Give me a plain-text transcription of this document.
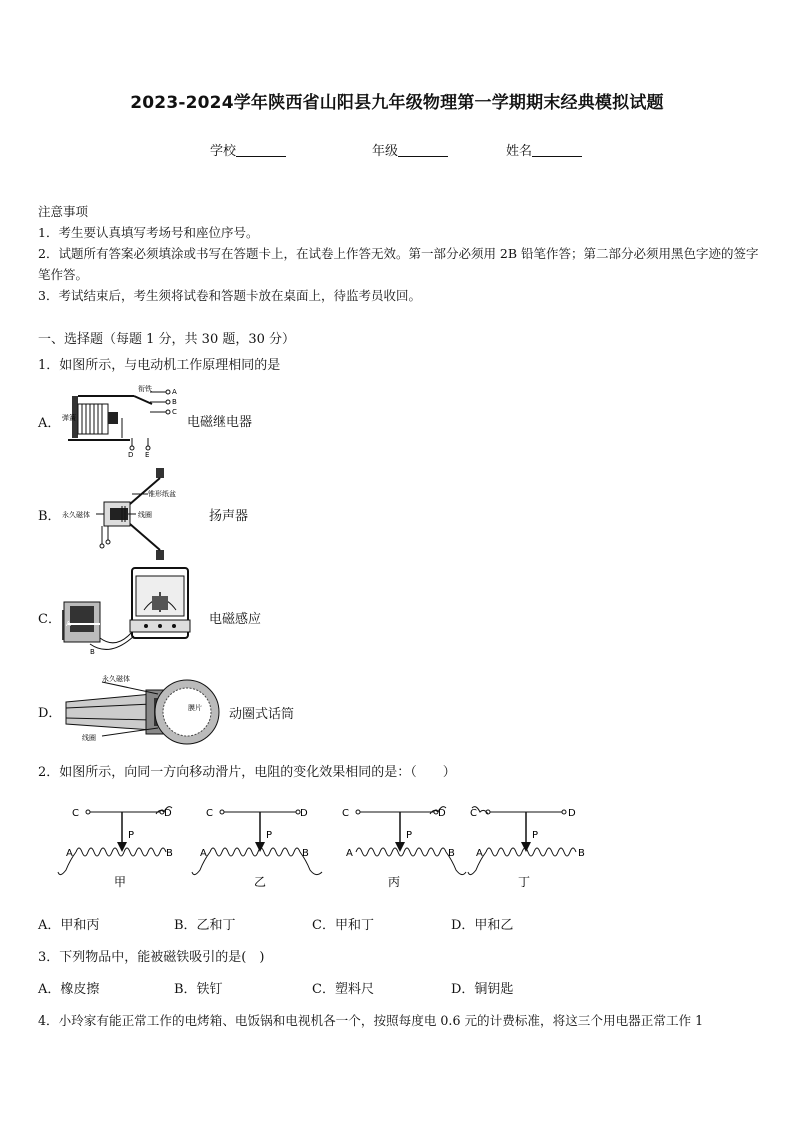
2023-2024学年陕西省山阳县九年级物理第一学期期末经典模拟试题
学校	年级	姓名
注意事项
1．考生要认真填写考场号和座位序号。
2．试题所有答案必须填涂或书写在答题卡上，在试卷上作答无效。第一部分必须用 2B 铅笔作答；第二部分必须用黑色字迹的签字笔作答。
3．考试结束后，考生须将试卷和答题卡放在桌面上，待监考员收回。
一、选择题（每题 1 分，共 30 题，30 分）
1．如图所示，与电动机工作原理相同的是
A．
衔铁	A
B
C
弹簧
D E
电磁继电器
B．
锥形纸盆
永久磁体	线圈	扬声器
C． A
B
电磁感应
D．
永久磁体
膜片
线圈
动圈式话筒
2．如图所示，向同一方向移动滑片，电阻的变化效果相同的是：（　　）
C	D
P
A	B
甲
C	D
P
A	B
乙
C	D
P
A	B
丙
C	D
P
A	B
丁
A．甲和丙	B．乙和丁	C．甲和丁	D．甲和乙
3．下列物品中，能被磁铁吸引的是(　)
A．橡皮擦	B．铁钉	C．塑料尺	D．铜钥匙
4．小玲家有能正常工作的电烤箱、电饭锅和电视机各一个，按照每度电 0.6 元的计费标准，将这三个用电器正常工作 1
